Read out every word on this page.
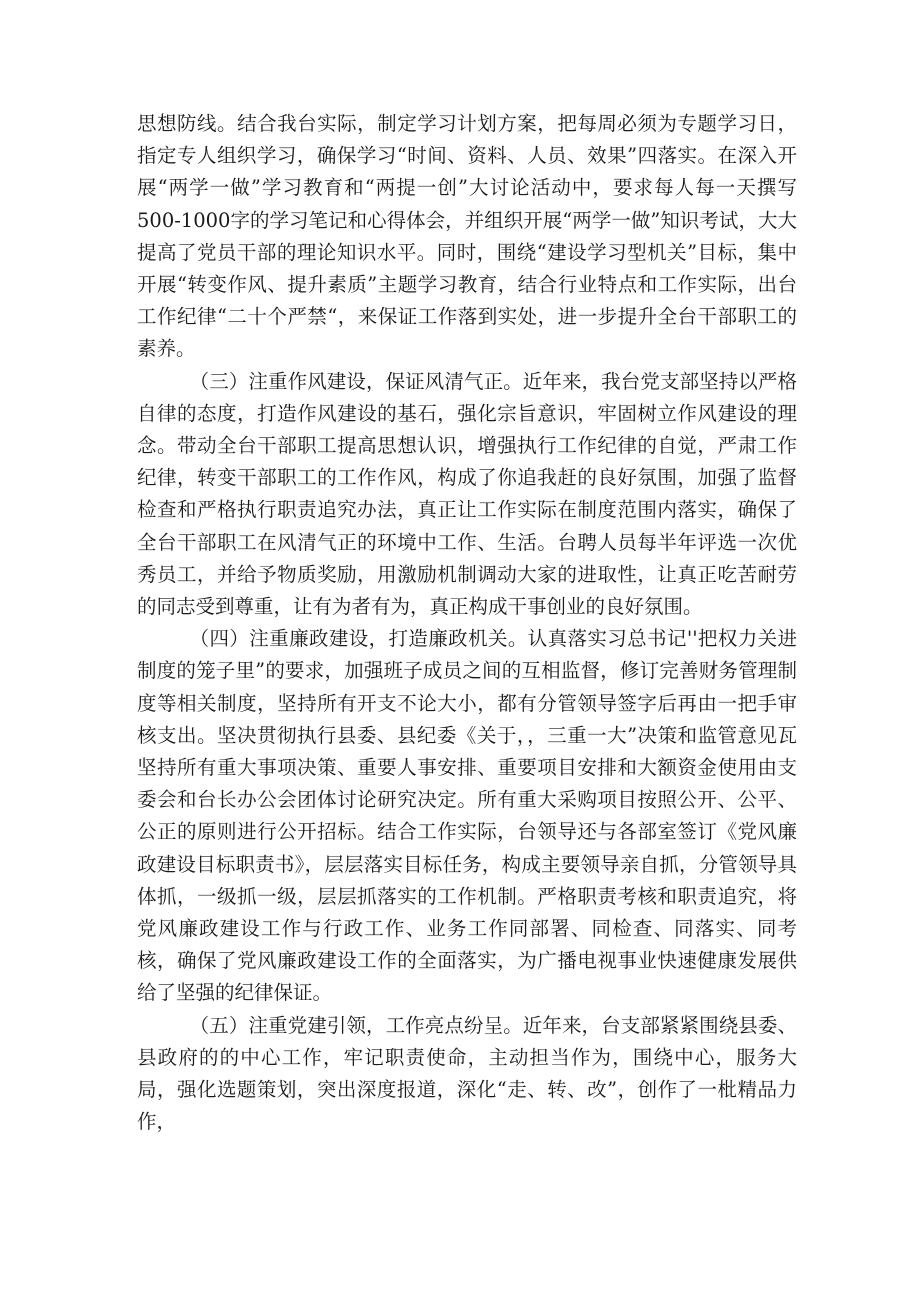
思想防线。结合我台实际，制定学习计划方案，把每周必须为专题学习日，指定专人组织学习，确保学习“时间、资料、人员、效果”四落实。在深入开展“两学一做”学习教育和“两提一创”大讨论活动中，要求每人每一天撰写500-1000字的学习笔记和心得体会，并组织开展“两学一做”知识考试，大大提高了党员干部的理论知识水平。同时，围绕“建设学习型机关”目标，集中开展“转变作风、提升素质”主题学习教育，结合行业特点和工作实际，出台工作纪律“二十个严禁“，来保证工作落到实处，进一步提升全台干部职工的素养。

（三）注重作风建设，保证风清气正。近年来，我台党支部坚持以严格自律的态度，打造作风建设的基石，强化宗旨意识，牢固树立作风建设的理念。带动全台干部职工提高思想认识，增强执行工作纪律的自觉，严肃工作纪律，转变干部职工的工作作风，构成了你追我赶的良好氛围，加强了监督检查和严格执行职责追究办法，真正让工作实际在制度范围内落实，确保了全台干部职工在风清气正的环境中工作、生活。台聘人员每半年评选一次优秀员工，并给予物质奖励，用激励机制调动大家的进取性，让真正吃苦耐劳的同志受到尊重，让有为者有为，真正构成干事创业的良好氛围。

（四）注重廉政建设，打造廉政机关。认真落实习总书记''把权力关进制度的笼子里”的要求，加强班子成员之间的互相监督，修订完善财务管理制度等相关制度，坚持所有开支不论大小，都有分管领导签字后再由一把手审核支出。坚决贯彻执行县委、县纪委《关于，，三重一大”决策和监管意见瓦坚持所有重大事项决策、重要人事安排、重要项目安排和大额资金使用由支委会和台长办公会团体讨论研究决定。所有重大采购项目按照公开、公平、公正的原则进行公开招标。结合工作实际，台领导还与各部室签订《党风廉政建设目标职责书》，层层落实目标任务，构成主要领导亲自抓，分管领导具体抓，一级抓一级，层层抓落实的工作机制。严格职责考核和职责追究，将党风廉政建设工作与行政工作、业务工作同部署、同检查、同落实、同考核，确保了党风廉政建设工作的全面落实，为广播电视事业快速健康发展供给了坚强的纪律保证。

（五）注重党建引领，工作亮点纷呈。近年来，台支部紧紧围绕县委、县政府的的中心工作，牢记职责使命，主动担当作为，围绕中心，服务大局，强化选题策划，突出深度报道，深化“走、转、改”，创作了一枇精品力作，
